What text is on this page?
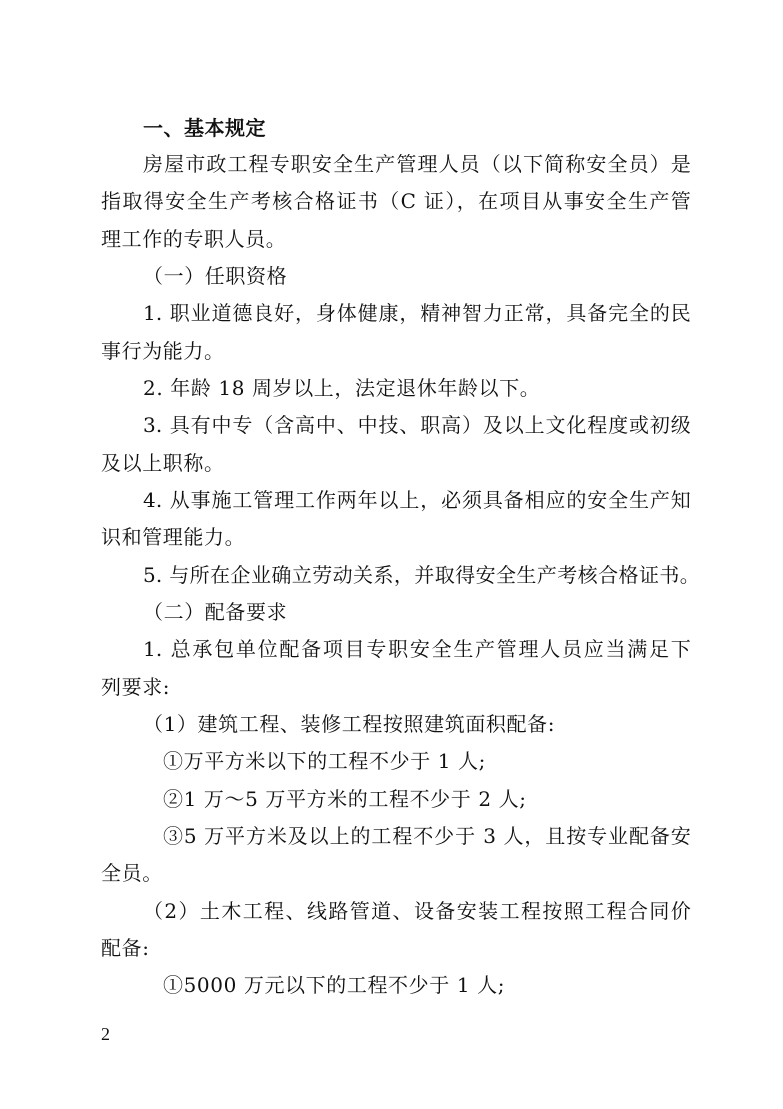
一、基本规定
房屋市政工程专职安全生产管理人员（以下简称安全员）是
指取得安全生产考核合格证书（C 证），在项目从事安全生产管
理工作的专职人员。
（一）任职资格
1. 职业道德良好，身体健康，精神智力正常，具备完全的民
事行为能力。
2. 年龄 18 周岁以上，法定退休年龄以下。
3. 具有中专（含高中、中技、职高）及以上文化程度或初级
及以上职称。
4. 从事施工管理工作两年以上，必须具备相应的安全生产知
识和管理能力。
5. 与所在企业确立劳动关系，并取得安全生产考核合格证书。
（二）配备要求
1. 总承包单位配备项目专职安全生产管理人员应当满足下
列要求:
（1）建筑工程、装修工程按照建筑面积配备:
①万平方米以下的工程不少于 1 人;
②1 万～5 万平方米的工程不少于 2 人;
③5 万平方米及以上的工程不少于 3 人，且按专业配备安
全员。
（2）土木工程、线路管道、设备安装工程按照工程合同价
配备:
①5000 万元以下的工程不少于 1 人;
2
